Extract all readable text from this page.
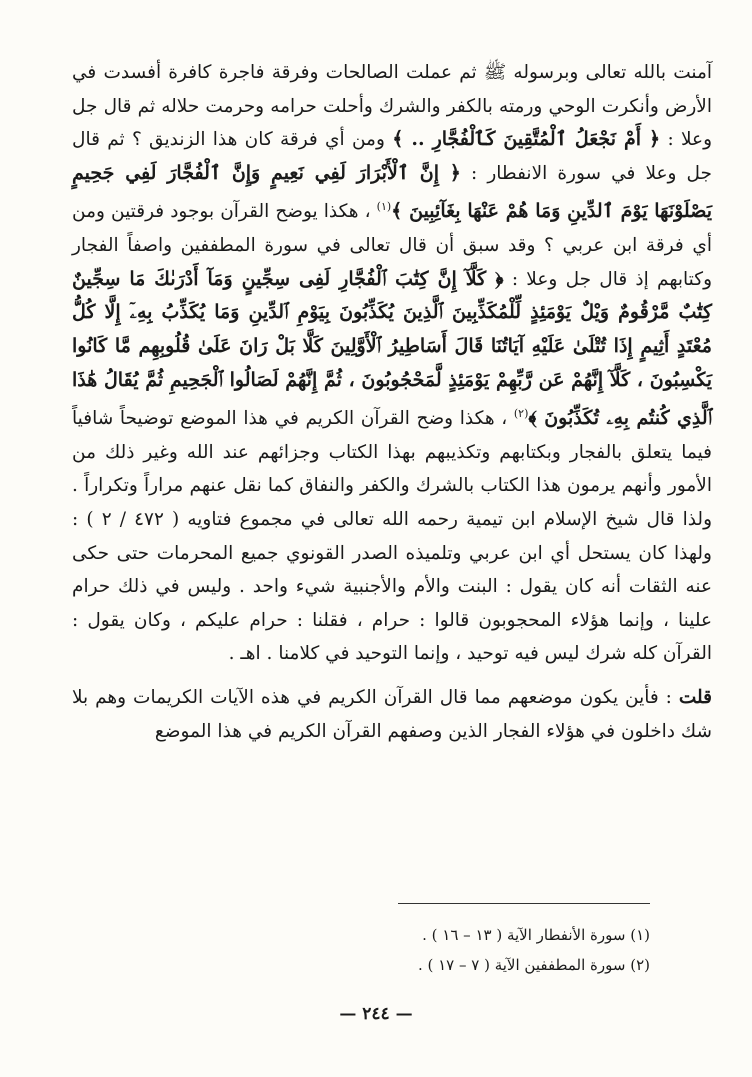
آمنت بالله تعالى وبرسوله ﷺ ثم عملت الصالحات وفرقة فاجرة كافرة أفسدت في الأرض وأنكرت الوحي ورمته بالكفر والشرك وأحلت حرامه وحرمت حلاله ثم قال جل وعلا : ﴿ أَمْ نَجْعَلُ ٱلْمُتَّقِينَ كَٱلْفُجَّارِ .. ﴾ ومن أي فرقة كان هذا الزنديق ؟ ثم قال جل وعلا في سورة الانفطار : ﴿ إِنَّ ٱلْأَبْرَارَ لَفِي نَعِيمٍ وَإِنَّ ٱلْفُجَّارَ لَفِي جَحِيمٍ يَصْلَوْنَهَا يَوْمَ ٱلدِّينِ وَمَا هُمْ عَنْهَا بِغَآئِبِينَ ﴾$^{(١)}$ ، هكذا يوضح القرآن بوجود فرقتين ومن أي فرقة ابن عربي ؟ وقد سبق أن قال تعالى في سورة المطففين واصفاً الفجار وكتابهم إذ قال جل وعلا : ﴿ كَلَّآ إِنَّ كِتَٰبَ ٱلْفُجَّارِ لَفِى سِجِّينٍ وَمَآ أَدْرَىٰكَ مَا سِجِّينٌ كِتَٰبٌ مَّرْقُومٌ وَيْلٌ يَوْمَئِذٍ لِّلْمُكَذِّبِينَ ٱلَّذِينَ يُكَذِّبُونَ بِيَوْمِ ٱلدِّينِ وَمَا يُكَذِّبُ بِهِۦٓ إِلَّا كُلُّ مُعْتَدٍ أَثِيمٍ إِذَا تُتْلَىٰ عَلَيْهِ آيَاتُنَا قَالَ أَسَاطِيرُ ٱلْأَوَّلِينَ كَلَّا بَلْ رَانَ عَلَىٰ قُلُوبِهِم مَّا كَانُوا يَكْسِبُونَ ، كَلَّآ إِنَّهُمْ عَن رَّبِّهِمْ يَوْمَئِذٍ لَّمَحْجُوبُونَ ، ثُمَّ إِنَّهُمْ لَصَالُوا ٱلْجَحِيمِ ثُمَّ يُقَالُ هَٰذَا ٱلَّذِي كُنتُم بِهِۦ تُكَذِّبُونَ ﴾$^{(٢)}$ ، هكذا وضح القرآن الكريم في هذا الموضع توضيحاً شافياً فيما يتعلق بالفجار وبكتابهم وتكذيبهم بهذا الكتاب وجزائهم عند الله وغير ذلك من الأمور وأنهم يرمون هذا الكتاب بالشرك والكفر والنفاق كما نقل عنهم مراراً وتكراراً . ولذا قال شيخ الإسلام ابن تيمية رحمه الله تعالى في مجموع فتاويه ( ٤٧٢ / ٢ ) : ولهذا كان يستحل أي ابن عربي وتلميذه الصدر القونوي جميع المحرمات حتى حكى عنه الثقات أنه كان يقول : البنت والأم والأجنبية شيء واحد . وليس في ذلك حرام علينا ، وإنما هؤلاء المحجوبون قالوا : حرام ، فقلنا : حرام عليكم ، وكان يقول : القرآن كله شرك ليس فيه توحيد ، وإنما التوحيد في كلامنا . اهـ .

قلت : فأين يكون موضعهم مما قال القرآن الكريم في هذه الآيات الكريمات وهم بلا شك داخلون في هؤلاء الفجار الذين وصفهم القرآن الكريم في هذا الموضع

(١) سورة الأنفطار الآية ( ١٣ – ١٦ ) .
(٢) سورة المطففين الآية ( ٧ – ١٧ ) .
— ٢٤٤ —
